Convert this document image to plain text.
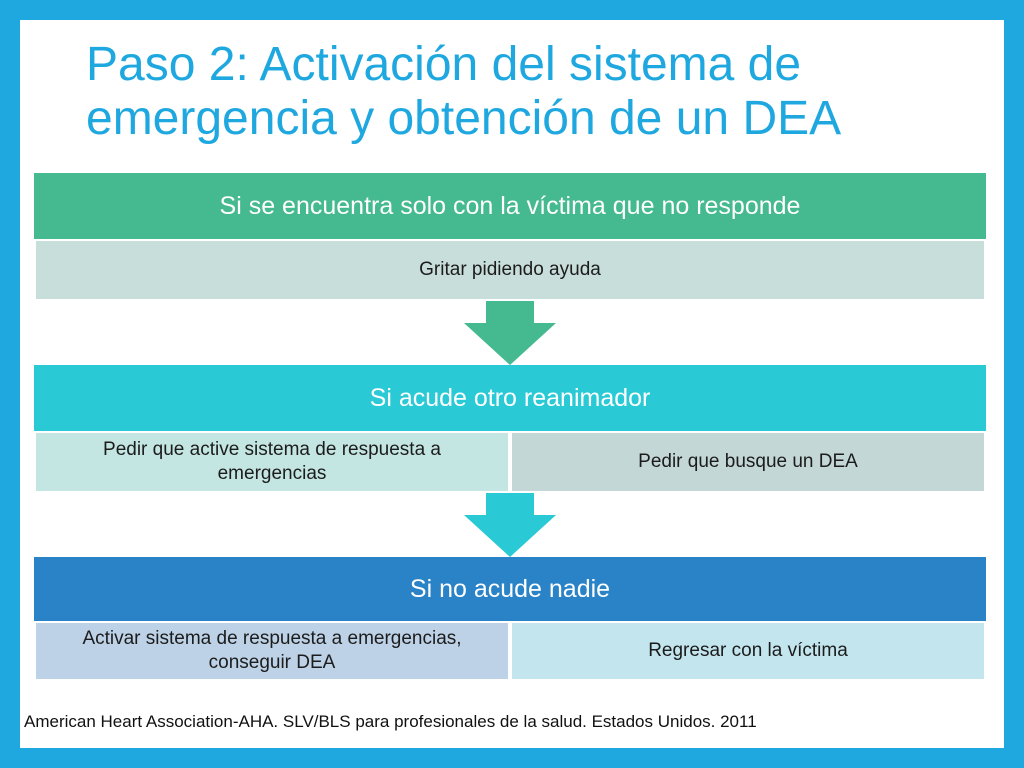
Paso 2: Activación del sistema de emergencia y obtención de un DEA
Si se encuentra solo con la víctima que no responde
Gritar pidiendo ayuda
Si acude otro reanimador
Pedir que active sistema de respuesta a emergencias
Pedir que busque un DEA
Si no acude nadie
Activar sistema de respuesta a emergencias, conseguir DEA
Regresar con la víctima
American Heart Association-AHA. SLV/BLS para profesionales de la salud. Estados Unidos. 2011
